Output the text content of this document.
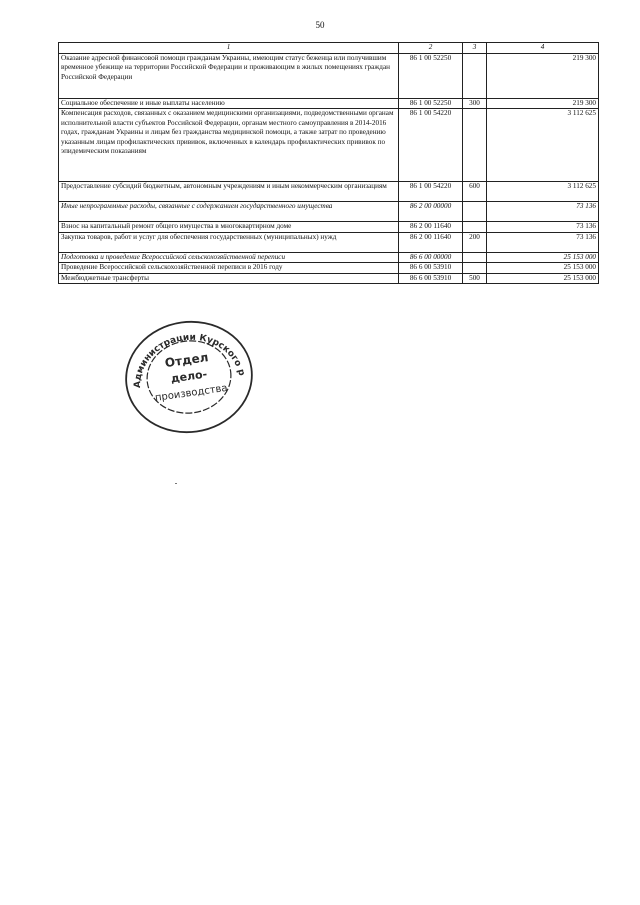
50
1	2	3	4
Оказание адресной финансовой помощи гражданам Украины, имеющим статус беженца или получившим временное убежище на территории Российской Федерации и проживающим в жилых помещениях граждан Российской Федерации	86 1 00 52250		219 300
Социальное обеспечение и иные выплаты населению	86 1 00 52250	300	219 300
Компенсация расходов, связанных с оказанием медицинскими организациями, подведомственными органам исполнительной власти субъектов Российской Федерации, органам местного самоуправления в 2014-2016 годах, гражданам Украины и лицам без гражданства медицинской помощи, а также затрат по проведению указанным лицам профилактических прививок, включенных в календарь профилактических прививок по эпидемическим показаниям	86 1 00 54220		3 112 625
Предоставление субсидий бюджетным, автономным учреждениям и иным некоммерческим организациям	86 1 00 54220	600	3 112 625
Иные непрограммные расходы, связанные с содержанием государственного имущества	86 2 00 00000		73 136
Взнос на капитальный ремонт общего имущества в многоквартирном доме	86 2 00 11640		73 136
Закупка товаров, работ и услуг для обеспечения государственных (муниципальных) нужд	86 2 00 11640	200	73 136
Подготовка и проведение Всероссийской сельскохозяйственной переписи	86 6 00 00000		25 153 000
Проведение Всероссийской сельскохозяйственной переписи в 2016 году	86 6 00 53910		25 153 000
Межбюджетные трансферты	86 6 00 53910	500	25 153 000
Администрации Курского района
Отдел
дело-
производства
